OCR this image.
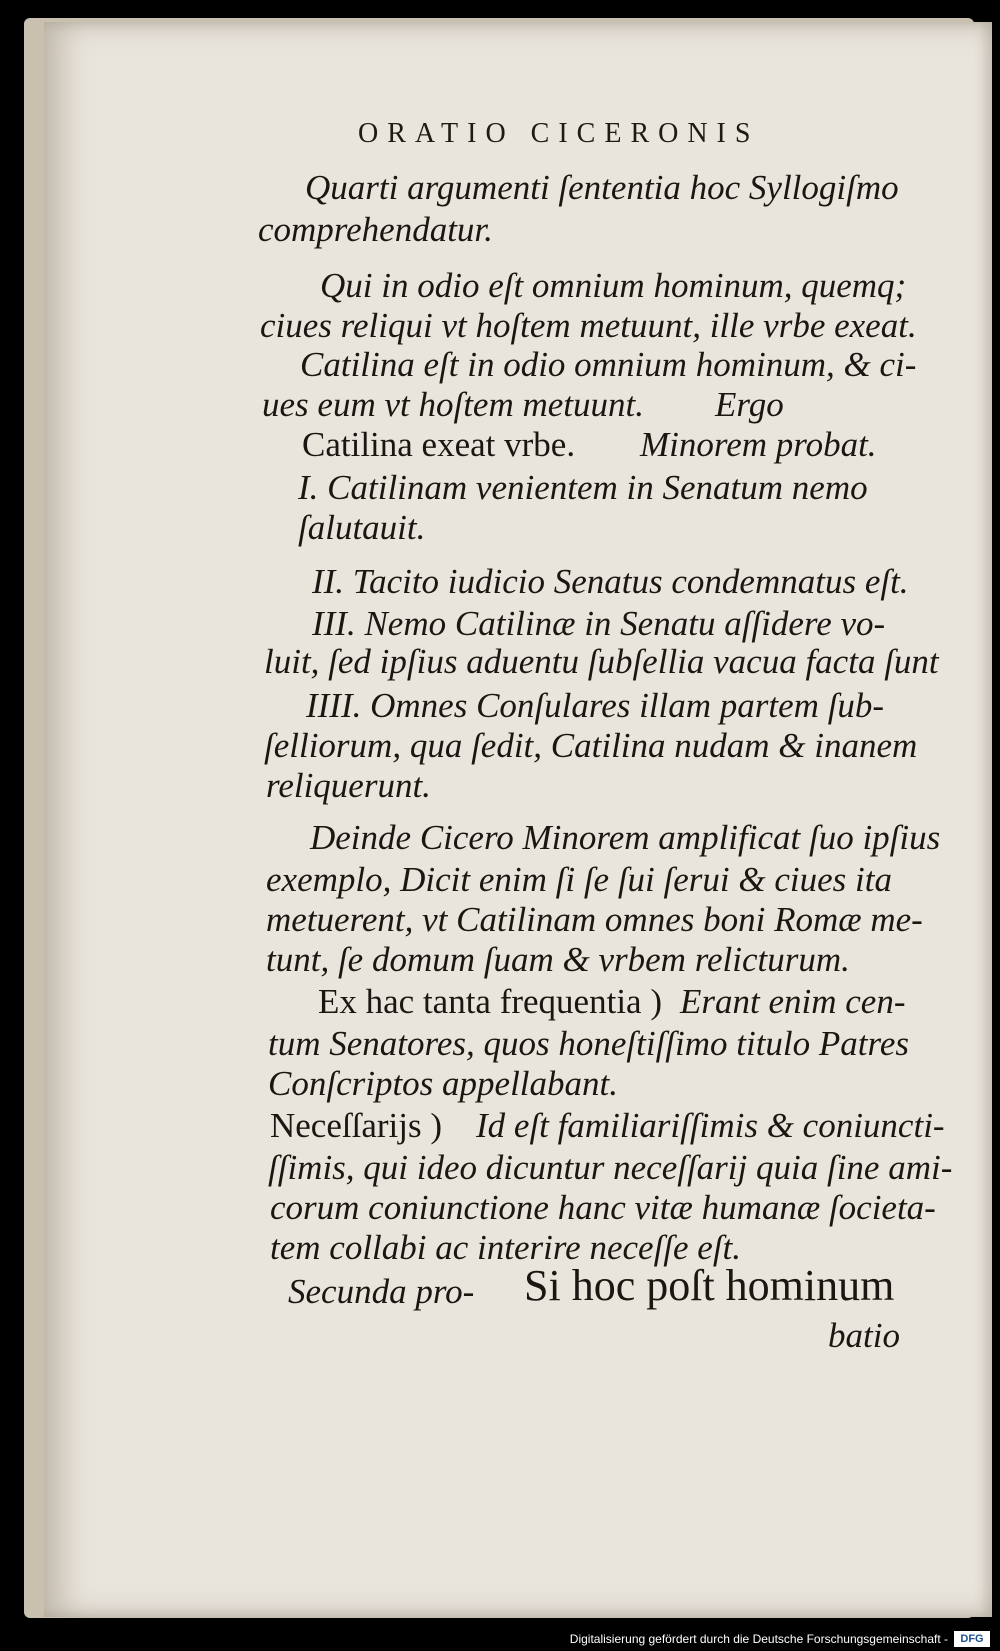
ORATIO CICERONIS
Quarti argumenti ſententia hoc Syllogiſmo
comprehendatur.
Qui in odio eſt omnium hominum, quemq;
ciues reliqui vt hoſtem metuunt, ille vrbe exeat.
Catilina eſt in odio omnium hominum, & ci-
ues eum vt hoſtem metuunt. Ergo
Catilina exeat vrbe. Minorem probat.
I. Catilinam venientem in Senatum nemo
ſalutauit.
II. Tacito iudicio Senatus condemnatus eſt.
III. Nemo Catilinæ in Senatu aſſidere vo-
luit, ſed ipſius aduentu ſubſellia vacua facta ſunt
IIII. Omnes Conſulares illam partem ſub-
ſelliorum, qua ſedit, Catilina nudam & inanem
reliquerunt.
Deinde Cicero Minorem amplificat ſuo ipſius
exemplo, Dicit enim ſi ſe ſui ſerui & ciues ita
metuerent, vt Catilinam omnes boni Romæ me-
tunt, ſe domum ſuam & vrbem relicturum.
Ex hac tanta frequentia ) Erant enim cen-
tum Senatores, quos honeſtiſſimo titulo Patres
Conſcriptos appellabant.
Neceſſarijs ) Id eſt familiariſſimis & coniuncti-
ſſimis, qui ideo dicuntur neceſſarij quia ſine ami-
corum coniunctione hanc vitæ humanæ ſocieta-
tem collabi ac interire neceſſe eſt.
Secunda pro- Si hoc poſt hominum
batio
Digitalisierung gefördert durch die Deutsche Forschungsgemeinschaft -	DFG
